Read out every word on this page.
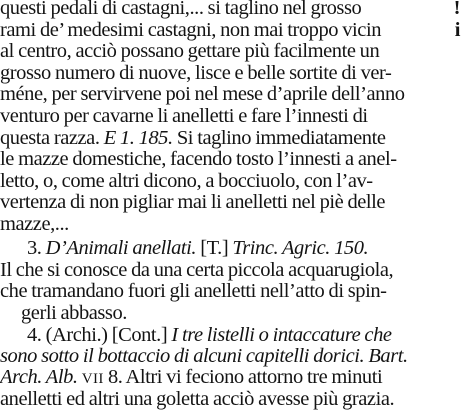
questi pedali di castagni,... si taglino nel grosso	!
rami de’ medesimi castagni, non mai troppo vicin	i
al centro, acciò possano gettare più facilmente un
grosso numero di nuove, lisce e belle sortite di ver-
méne, per servirvene poi nel mese d’aprile dell’anno
venturo per cavarne li anelletti e fare l’innesti di
questa razza. E 1. 185. Si taglino immediatamente
le mazze domestiche, facendo tosto l’innesti a anel-
letto, o, come altri dicono, a bocciuolo, con l’av-
vertenza di non pigliar mai li anelletti nel piè delle
mazze,...
3. D’Animali anellati. [T.] Trinc. Agric. 150.
Il che si conosce da una certa piccola acquarugiola,
che tramandano fuori gli anelletti nell’atto di spin-
gerli abbasso.
4. (Archi.) [Cont.] I tre listelli o intaccature che
sono sotto il bottaccio di alcuni capitelli dorici. Bart.
Arch. Alb. VII 8. Altri vi fecionо attorno tre minuti
anelletti ed altri una goletta acciò avesse più grazia.
